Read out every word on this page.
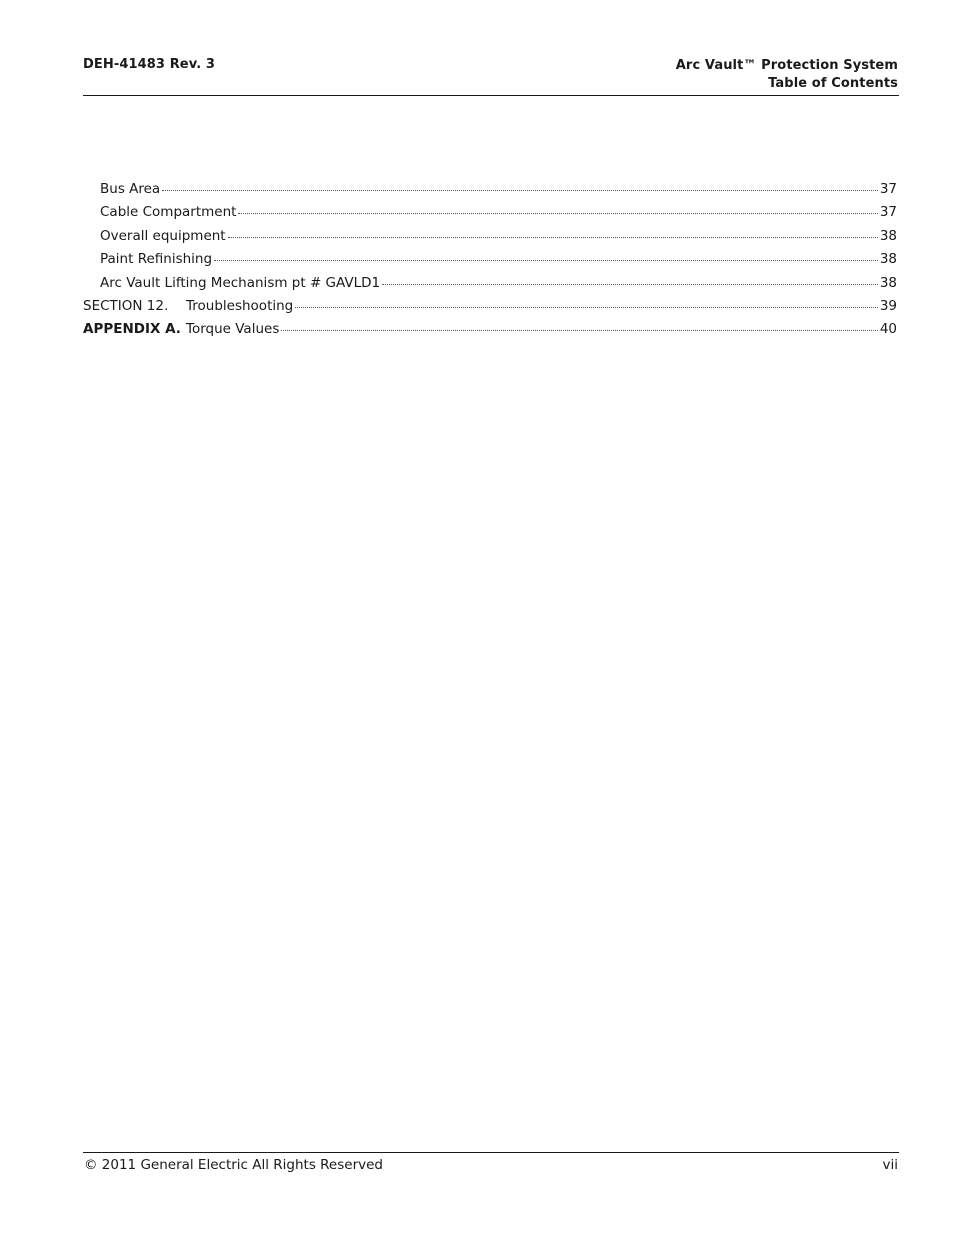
DEH-41483 Rev. 3	Arc Vault™ Protection System
Table of Contents
Bus Area	37
Cable Compartment	37
Overall equipment	38
Paint Refinishing	38
Arc Vault Lifting Mechanism pt # GAVLD1	38
SECTION 12.	Troubleshooting	39
APPENDIX A. Torque Values	40
© 2011 General Electric All Rights Reserved	vii
